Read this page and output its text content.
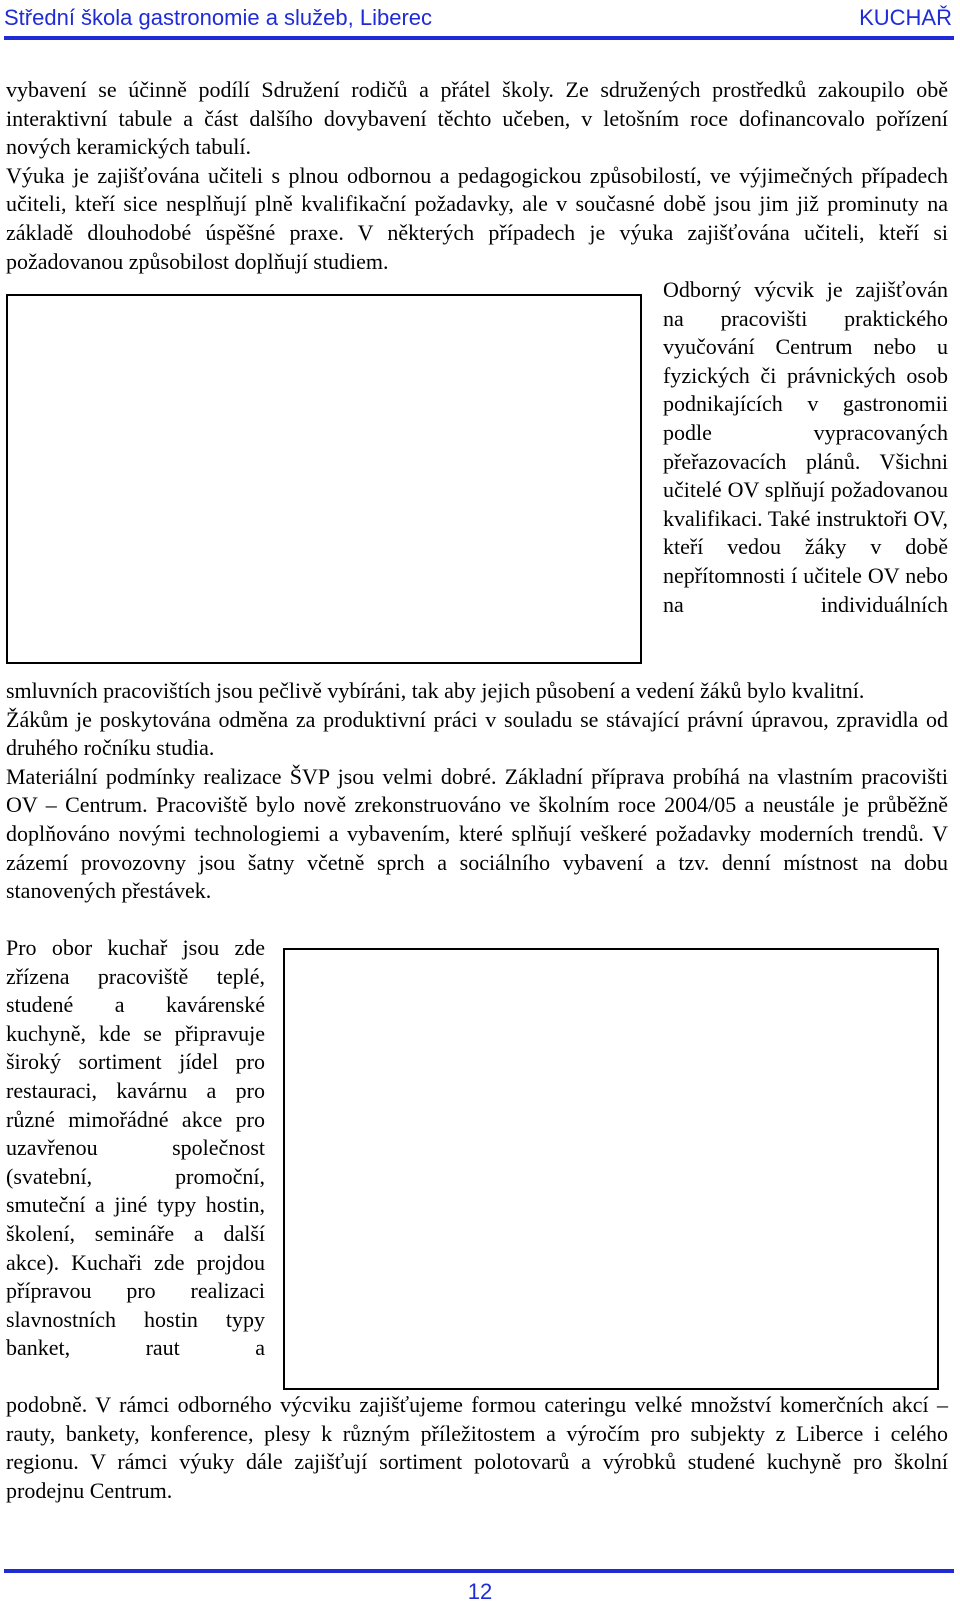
Střední škola gastronomie a služeb, Liberec	KUCHAŘ

vybavení se účinně podílí Sdružení rodičů a přátel školy. Ze sdružených prostředků zakoupilo obě interaktivní tabule a část dalšího dovybavení těchto učeben, v letošním roce dofinancovalo pořízení nových keramických tabulí.

Výuka je zajišťována učiteli s plnou odbornou a pedagogickou způsobilostí, ve výjimečných případech učiteli, kteří sice nesplňují plně kvalifikační požadavky, ale v současné době jsou jim již prominuty na základě dlouhodobé úspěšné praxe. V některých případech je výuka zajišťována učiteli, kteří si požadovanou způsobilost doplňují studiem.

Odborný výcvik je zajišťován na pracovišti praktického vyučování Centrum nebo u fyzických či právnických osob podnikajících v gastronomii podle vypracovaných přeřazovacích plánů. Všichni učitelé OV splňují požadovanou kvalifikaci. Také instruktoři OV, kteří vedou žáky v době nepřítomnosti í učitele OV nebo na individuálních

smluvních pracovištích jsou pečlivě vybíráni, tak aby jejich působení a vedení žáků bylo kvalitní.

Žákům je poskytována odměna za produktivní práci v souladu se stávající právní úpravou, zpravidla od druhého ročníku studia.

Materiální podmínky realizace ŠVP jsou velmi dobré. Základní příprava probíhá na vlastním pracovišti OV – Centrum. Pracoviště bylo nově zrekonstruováno ve školním roce 2004/05 a neustále je průběžně doplňováno novými technologiemi a vybavením, které splňují veškeré požadavky moderních trendů. V zázemí provozovny jsou šatny včetně sprch a sociálního vybavení a tzv. denní místnost na dobu stanovených přestávek.

Pro obor kuchař jsou zde zřízena pracoviště teplé, studené a kavárenské kuchyně, kde se připravuje široký sortiment jídel pro restauraci, kavárnu a pro různé mimořádné akce pro uzavřenou společnost (svatební, promoční, smuteční a jiné typy hostin, školení, semináře a další akce). Kuchaři zde projdou přípravou pro realizaci slavnostních hostin typy banket, raut a

podobně. V rámci odborného výcviku zajišťujeme formou cateringu velké množství komerčních akcí – rauty, bankety, konference, plesy k různým příležitostem a výročím pro subjekty z Liberce i celého regionu. V rámci výuky dále zajišťují sortiment polotovarů a výrobků studené kuchyně pro školní prodejnu Centrum.

12
